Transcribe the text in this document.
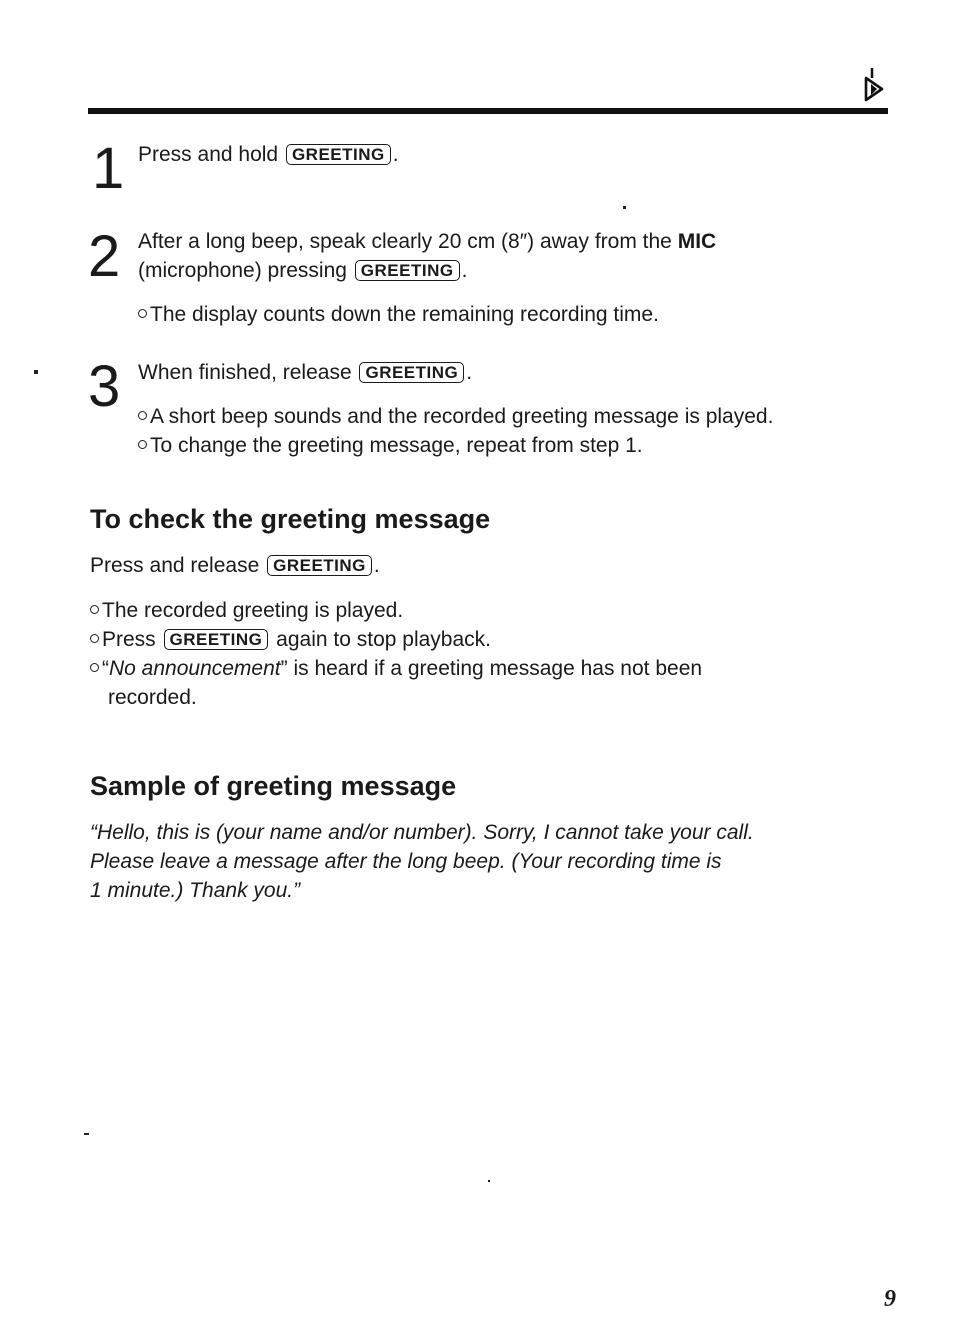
1 Press and hold GREETING .
2 After a long beep, speak clearly 20 cm (8″) away from the MIC
(microphone) pressing GREETING .
The display counts down the remaining recording time.
3 When finished, release GREETING .
A short beep sounds and the recorded greeting message is played.
To change the greeting message, repeat from step 1.
To check the greeting message
Press and release GREETING .
The recorded greeting is played.
Press GREETING again to stop playback.
“No announcement” is heard if a greeting message has not been
recorded.
Sample of greeting message
“Hello, this is (your name and/or number). Sorry, I cannot take your call.
Please leave a message after the long beep. (Your recording time is
1 minute.) Thank you.”
9
